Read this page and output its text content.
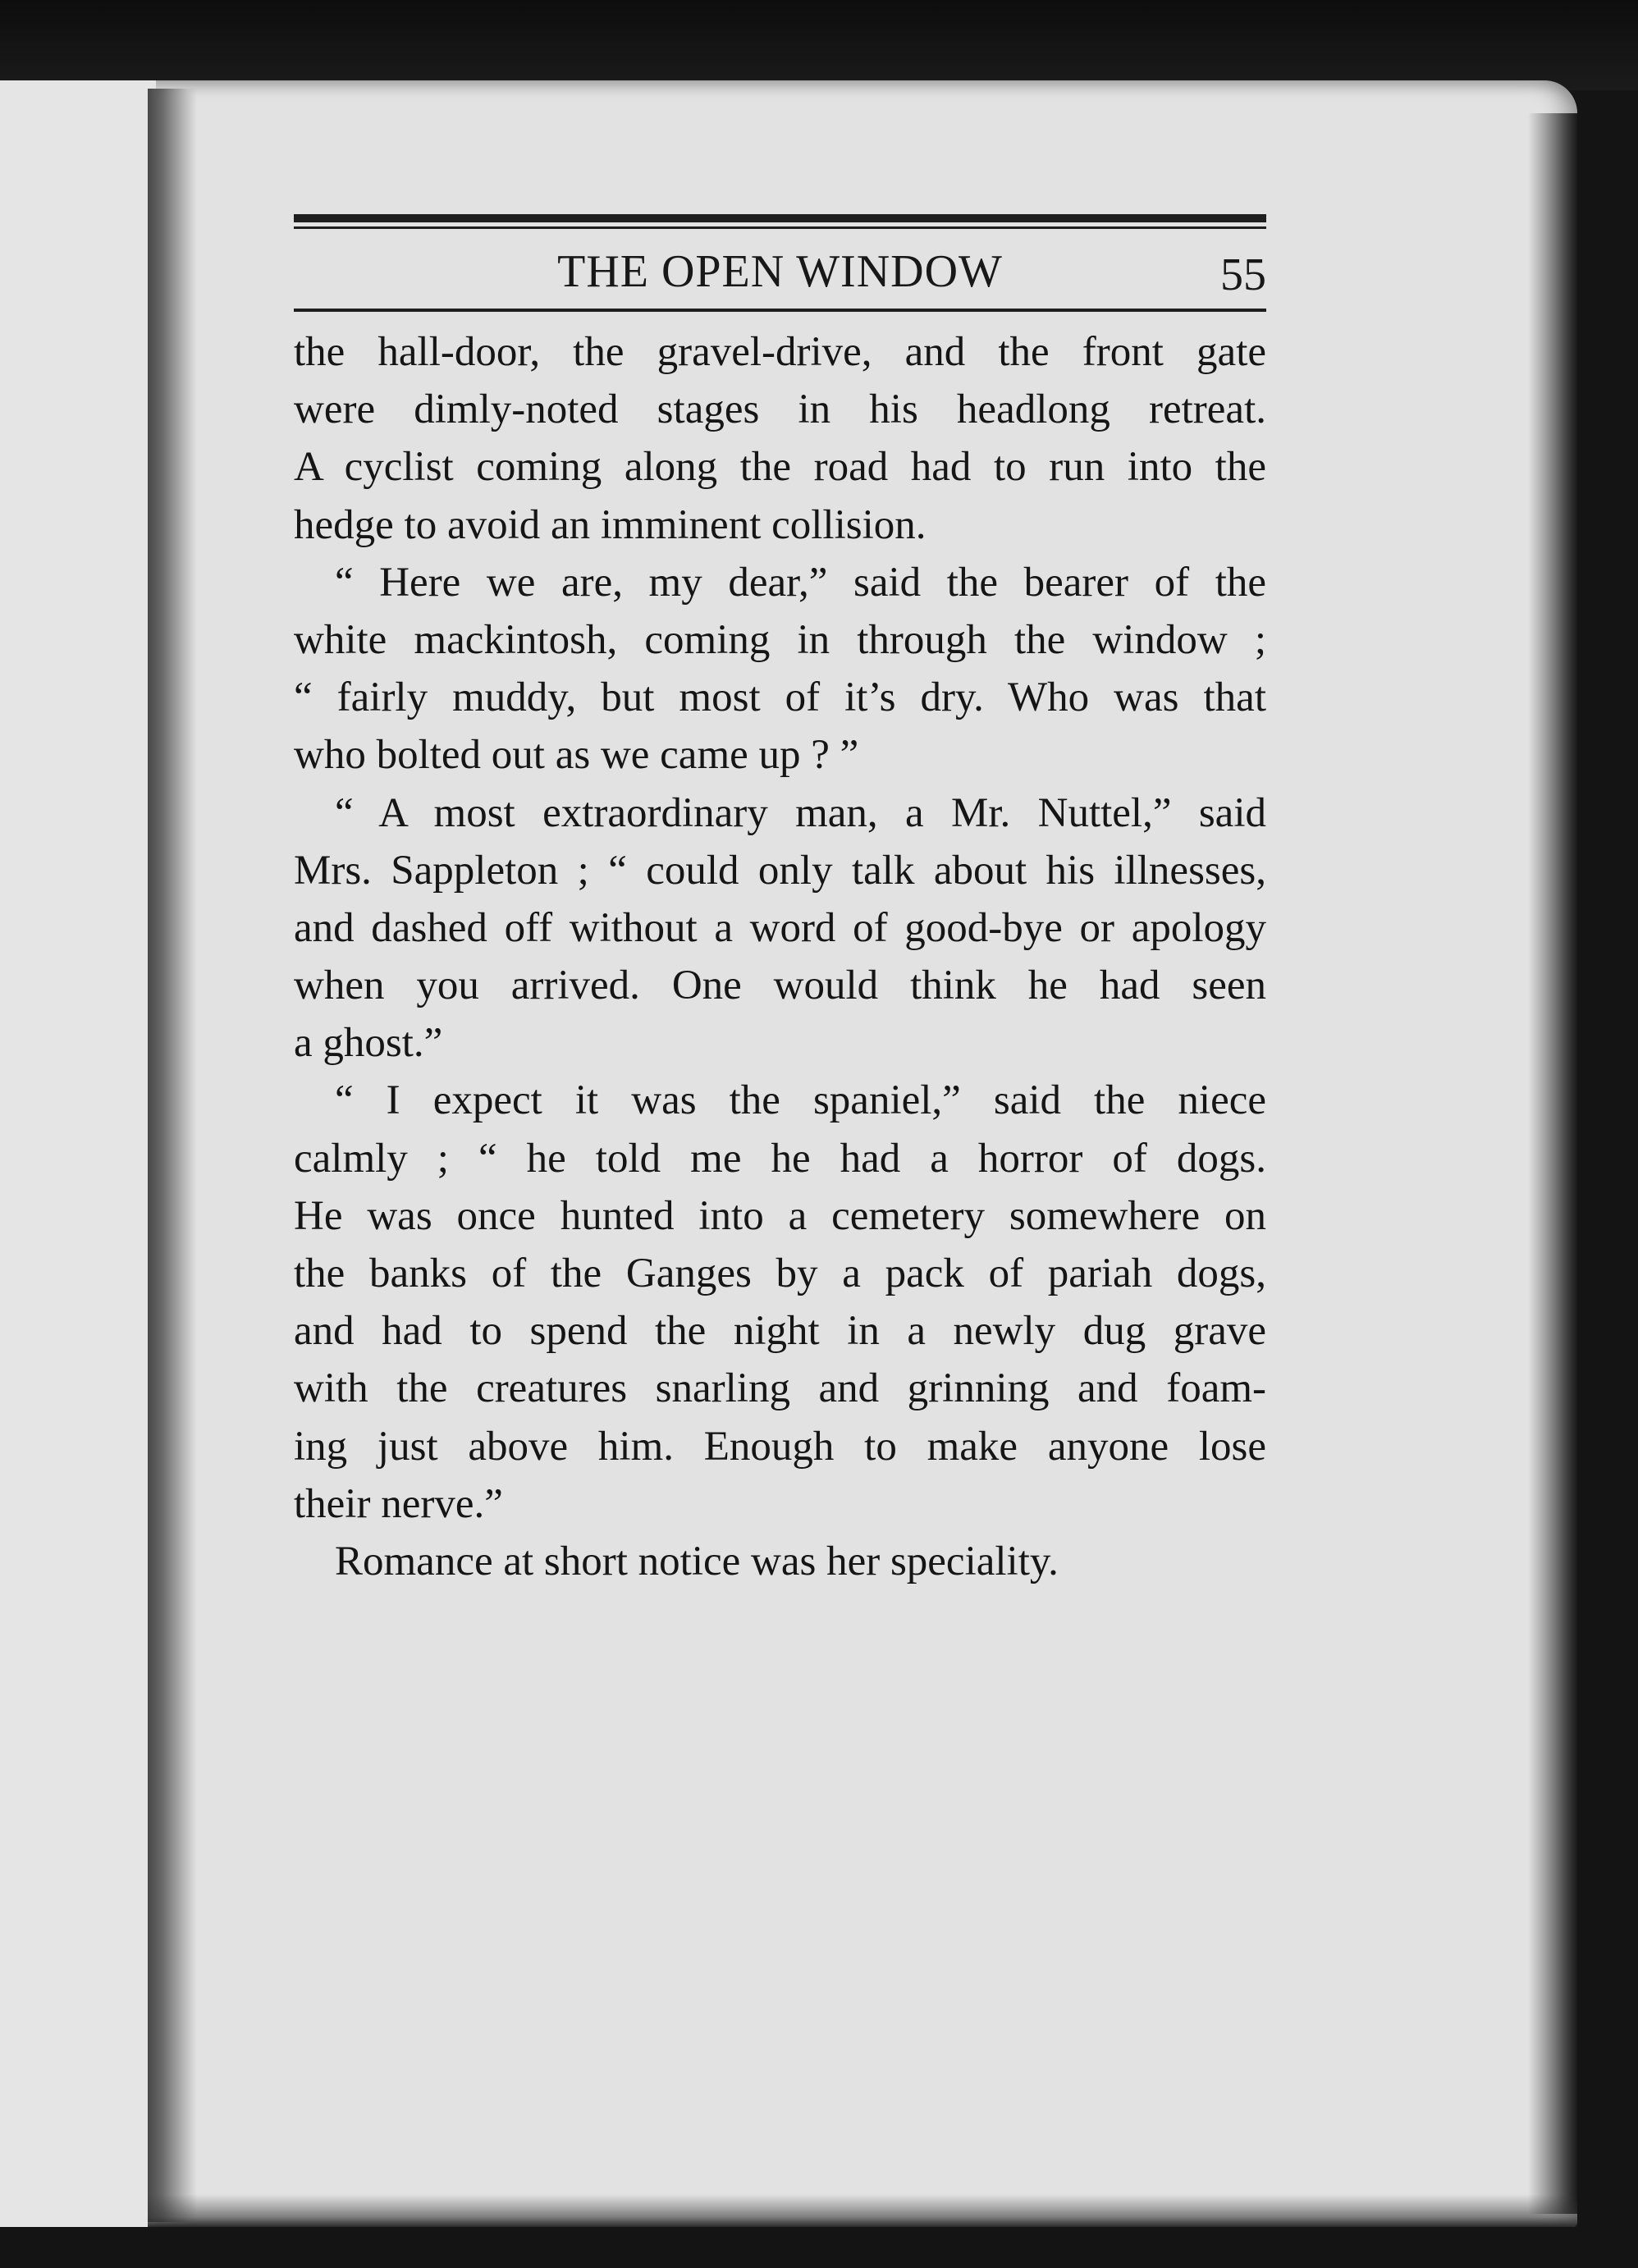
THE OPEN WINDOW	55

the hall-door, the gravel-drive, and the front gate
were dimly-noted stages in his headlong retreat.
A cyclist coming along the road had to run into the
hedge to avoid an imminent collision.

“ Here we are, my dear,” said the bearer of the
white mackintosh, coming in through the window ;
“ fairly muddy, but most of it’s dry. Who was that
who bolted out as we came up ? ”

“ A most extraordinary man, a Mr. Nuttel,” said
Mrs. Sappleton ; “ could only talk about his illnesses,
and dashed off without a word of good-bye or apology
when you arrived. One would think he had seen
a ghost.”

“ I expect it was the spaniel,” said the niece
calmly ; “ he told me he had a horror of dogs.
He was once hunted into a cemetery somewhere on
the banks of the Ganges by a pack of pariah dogs,
and had to spend the night in a newly dug grave
with the creatures snarling and grinning and foam-
ing just above him. Enough to make anyone lose
their nerve.”

Romance at short notice was her speciality.
